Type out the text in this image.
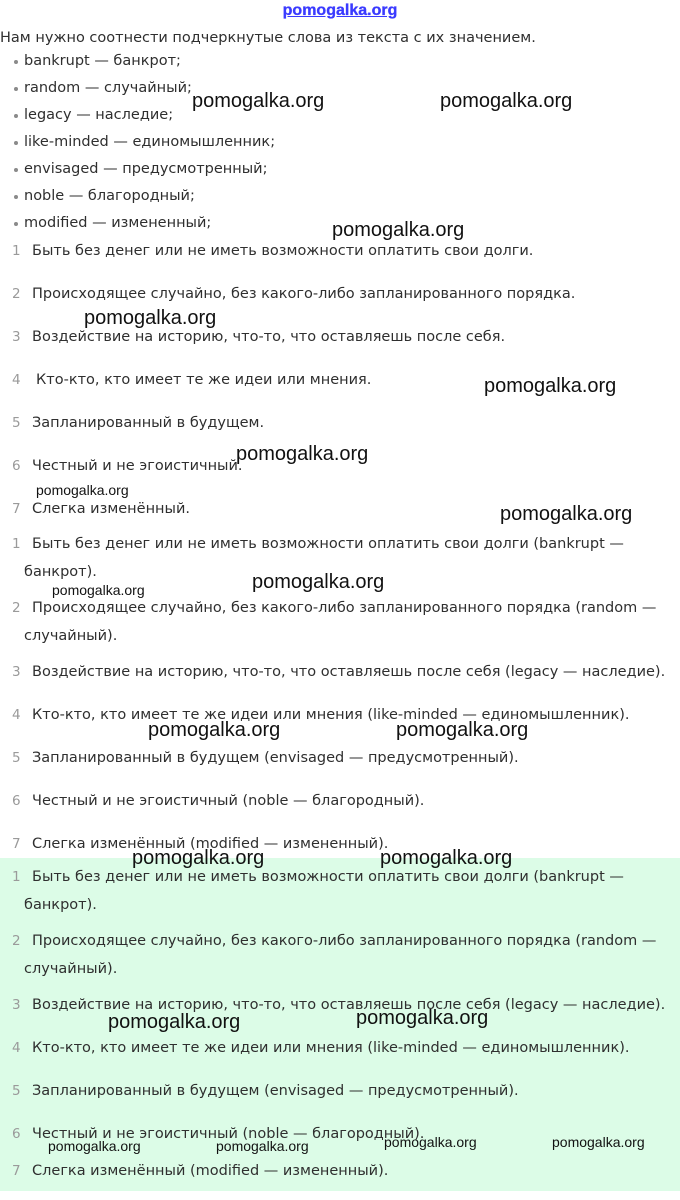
pomogalka.org
Нам нужно соотнести подчеркнутые слова из текста с их значением.
bankrupt — банкрот;
random — случайный;
legacy — наследие;
like-minded — единомышленник;
envisaged — предусмотренный;
noble — благородный;
modified — измененный;
1 Быть без денег или не иметь возможности оплатить свои долги.
2 Происходящее случайно, без какого-либо запланированного порядка.
3 Воздействие на историю, что-то, что оставляешь после себя.
4 Кто-кто, кто имеет те же идеи или мнения.
5 Запланированный в будущем.
6 Честный и не эгоистичный.
7 Слегка изменённый.
1 Быть без денег или не иметь возможности оплатить свои долги (bankrupt —
банкрот).
2 Происходящее случайно, без какого-либо запланированного порядка (random —
случайный).
3 Воздействие на историю, что-то, что оставляешь после себя (legacy — наследие).
4 Кто-кто, кто имеет те же идеи или мнения (like-minded — единомышленник).
5 Запланированный в будущем (envisaged — предусмотренный).
6 Честный и не эгоистичный (noble — благородный).
7 Слегка изменённый (modified — измененный).
1 Быть без денег или не иметь возможности оплатить свои долги (bankrupt —
банкрот).
2 Происходящее случайно, без какого-либо запланированного порядка (random —
случайный).
3 Воздействие на историю, что-то, что оставляешь после себя (legacy — наследие).
4 Кто-кто, кто имеет те же идеи или мнения (like-minded — единомышленник).
5 Запланированный в будущем (envisaged — предусмотренный).
6 Честный и не эгоистичный (noble — благородный).
7 Слегка изменённый (modified — измененный).
pomogalka.org	pomogalka.org
pomogalka.org
pomogalka.org
pomogalka.org
pomogalka.org
pomogalka.org
pomogalka.org
pomogalka.org
pomogalka.org
pomogalka.org	pomogalka.org
pomogalka.org	pomogalka.org
pomogalka.org	pomogalka.org
pomogalka.org	pomogalka.org	pomogalka.org	pomogalka.org
